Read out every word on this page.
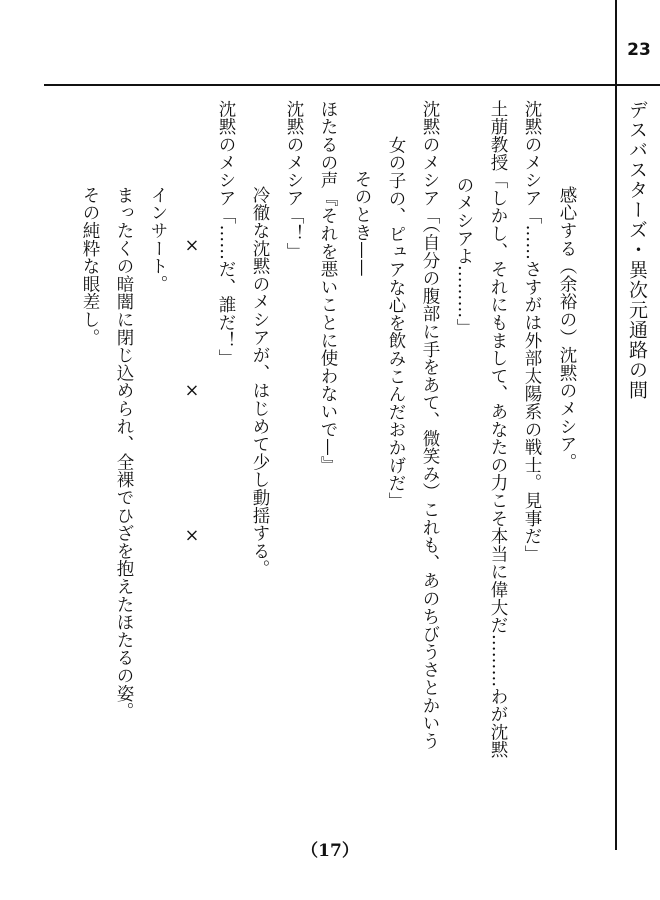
23
デスバスターズ・異次元通路の間
感心する（余裕の）沈黙のメシア。
沈黙のメシア「……さすがは外部太陽系の戦士。見事だ」
土萠教授「しかし、それにもまして、あなたの力こそ本当に偉大だ………わが沈黙
のメシアよ………」
沈黙のメシア「（自分の腹部に手をあて、微笑み）これも、あのちびうさとかいう
女の子の、ピュアな心を飲みこんだおかげだ」
そのとき——
ほたるの声『それを悪いことに使わないで—』
沈黙のメシア「！」
冷徹な沈黙のメシアが、はじめて少し動揺する。
沈黙のメシア「……だ、誰だ！」
×　　　　　　　×　　　　　　　×
インサート。
まったくの暗闇に閉じ込められ、全裸でひざを抱えたほたるの姿。
その純粋な眼差し。
（17）
